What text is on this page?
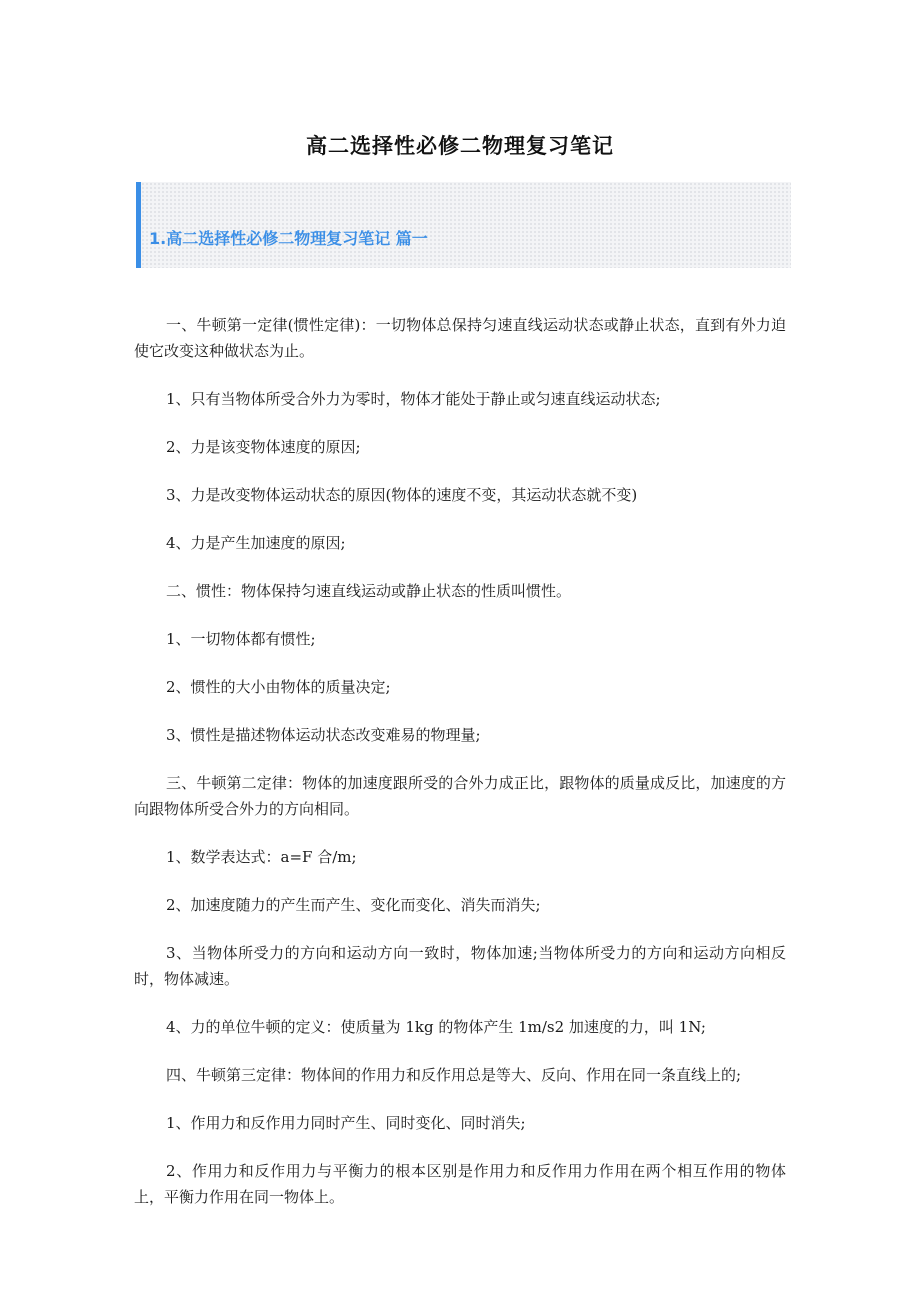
高二选择性必修二物理复习笔记
1.高二选择性必修二物理复习笔记 篇一

一、牛顿第一定律(惯性定律)：一切物体总保持匀速直线运动状态或静止状态，直到有外力迫使它改变这种做状态为止。

1、只有当物体所受合外力为零时，物体才能处于静止或匀速直线运动状态;

2、力是该变物体速度的原因;

3、力是改变物体运动状态的原因(物体的速度不变，其运动状态就不变)

4、力是产生加速度的原因;

二、惯性：物体保持匀速直线运动或静止状态的性质叫惯性。

1、一切物体都有惯性;

2、惯性的大小由物体的质量决定;

3、惯性是描述物体运动状态改变难易的物理量;

三、牛顿第二定律：物体的加速度跟所受的合外力成正比，跟物体的质量成反比，加速度的方向跟物体所受合外力的方向相同。

1、数学表达式：a=F 合/m;

2、加速度随力的产生而产生、变化而变化、消失而消失;

3、当物体所受力的方向和运动方向一致时，物体加速;当物体所受力的方向和运动方向相反时，物体减速。

4、力的单位牛顿的定义：使质量为 1kg 的物体产生 1m/s2 加速度的力，叫 1N;

四、牛顿第三定律：物体间的作用力和反作用总是等大、反向、作用在同一条直线上的;

1、作用力和反作用力同时产生、同时变化、同时消失;

2、作用力和反作用力与平衡力的根本区别是作用力和反作用力作用在两个相互作用的物体上，平衡力作用在同一物体上。
